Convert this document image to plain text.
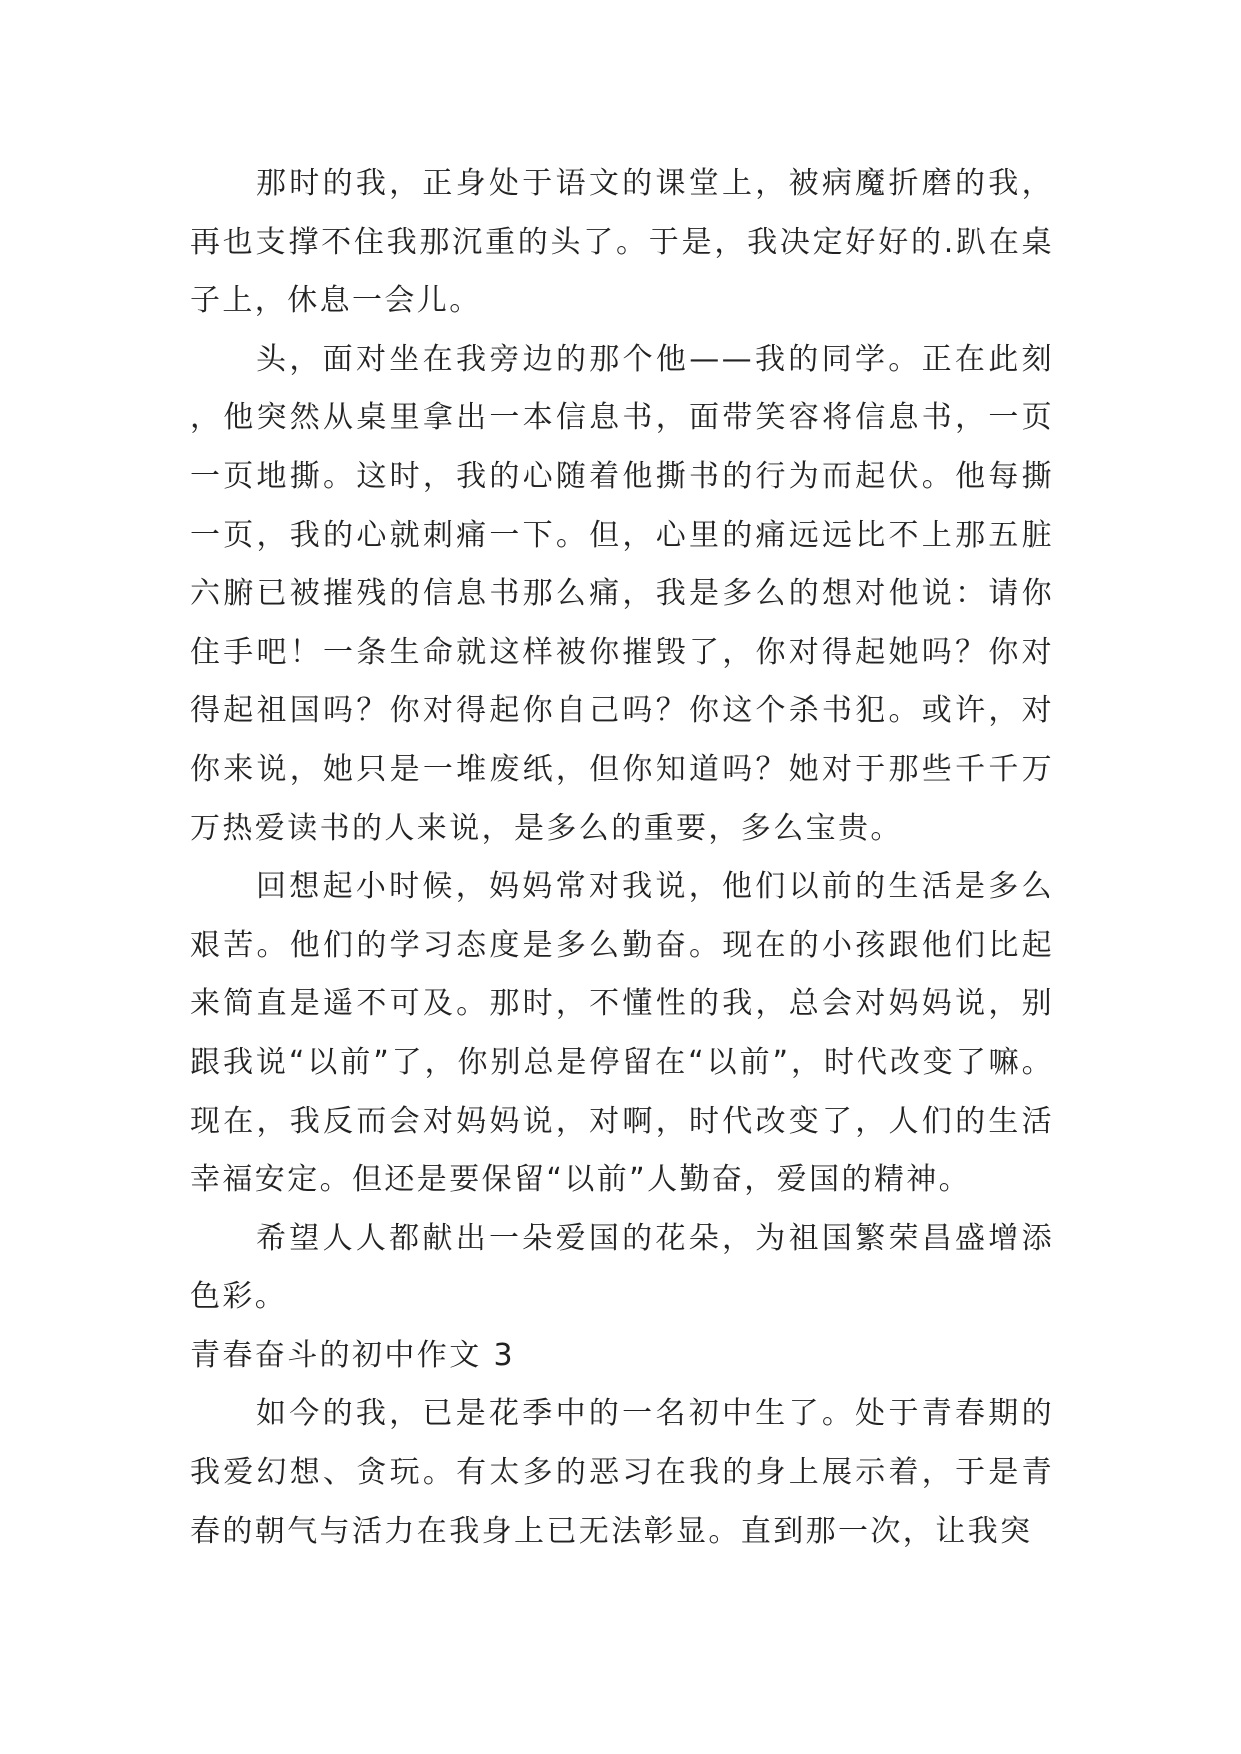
那时的我，正身处于语文的课堂上，被病魔折磨的我，再也支撑不住我那沉重的头了。于是，我决定好好的.趴在桌子上，休息一会儿。

头，面对坐在我旁边的那个他——我的同学。正在此刻，他突然从桌里拿出一本信息书，面带笑容将信息书，一页一页地撕。这时，我的心随着他撕书的行为而起伏。他每撕一页，我的心就刺痛一下。但，心里的痛远远比不上那五脏六腑已被摧残的信息书那么痛，我是多么的想对他说：请你住手吧！一条生命就这样被你摧毁了，你对得起她吗？你对得起祖国吗？你对得起你自己吗？你这个杀书犯。或许，对你来说，她只是一堆废纸，但你知道吗？她对于那些千千万万热爱读书的人来说，是多么的重要，多么宝贵。

回想起小时候，妈妈常对我说，他们以前的生活是多么艰苦。他们的学习态度是多么勤奋。现在的小孩跟他们比起来简直是遥不可及。那时，不懂性的我，总会对妈妈说，别跟我说“以前”了，你别总是停留在“以前”，时代改变了嘛。现在，我反而会对妈妈说，对啊，时代改变了，人们的生活幸福安定。但还是要保留“以前”人勤奋，爱国的精神。

希望人人都献出一朵爱国的花朵，为祖国繁荣昌盛增添色彩。

青春奋斗的初中作文 3

如今的我，已是花季中的一名初中生了。处于青春期的我爱幻想、贪玩。有太多的恶习在我的身上展示着，于是青春的朝气与活力在我身上已无法彰显。直到那一次，让我突
